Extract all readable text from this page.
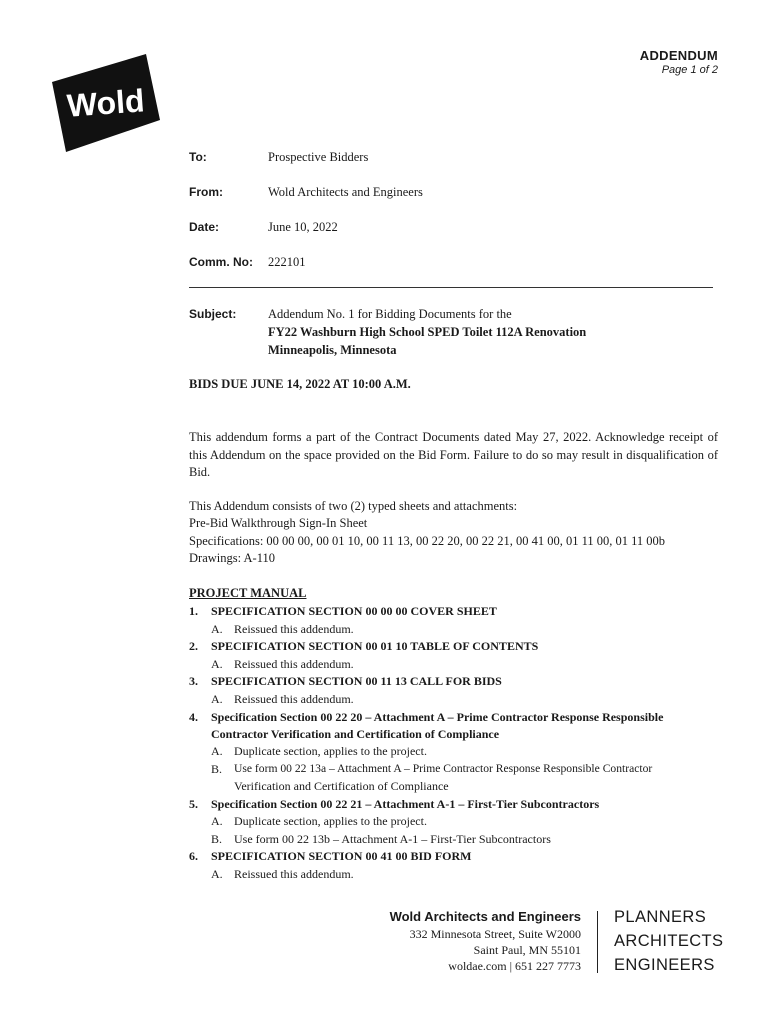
ADDENDUM
Page 1 of 2
Wold
To:	Prospective Bidders
From:	Wold Architects and Engineers
Date:	June 10, 2022
Comm. No: 222101
Subject:	Addendum No. 1 for Bidding Documents for the
FY22 Washburn High School SPED Toilet 112A Renovation
Minneapolis, Minnesota
BIDS DUE JUNE 14, 2022 AT 10:00 A.M.
This addendum forms a part of the Contract Documents dated May 27, 2022. Acknowledge receipt of this Addendum on the space provided on the Bid Form. Failure to do so may result in disqualification of Bid.
This Addendum consists of two (2) typed sheets and attachments:
Pre-Bid Walkthrough Sign-In Sheet
Specifications: 00 00 00, 00 01 10, 00 11 13, 00 22 20, 00 22 21, 00 41 00, 01 11 00, 01 11 00b
Drawings: A-110
PROJECT MANUAL
1.	SPECIFICATION SECTION 00 00 00 COVER SHEET
A. Reissued this addendum.
2.	SPECIFICATION SECTION 00 01 10 TABLE OF CONTENTS
A. Reissued this addendum.
3.	SPECIFICATION SECTION 00 11 13 CALL FOR BIDS
A. Reissued this addendum.
4.	Specification Section 00 22 20 – Attachment A – Prime Contractor Response Responsible
Contractor Verification and Certification of Compliance
A. Duplicate section, applies to the project.
B. Use form 00 22 13a – Attachment A – Prime Contractor Response Responsible Contractor
Verification and Certification of Compliance
5.	Specification Section 00 22 21 – Attachment A-1 – First-Tier Subcontractors
A. Duplicate section, applies to the project.
B. Use form 00 22 13b – Attachment A-1 – First-Tier Subcontractors
6.	SPECIFICATION SECTION 00 41 00 BID FORM
A. Reissued this addendum.
Wold Architects and Engineers
332 Minnesota Street, Suite W2000
Saint Paul, MN 55101
woldae.com | 651 227 7773
PLANNERS
ARCHITECTS
ENGINEERS
